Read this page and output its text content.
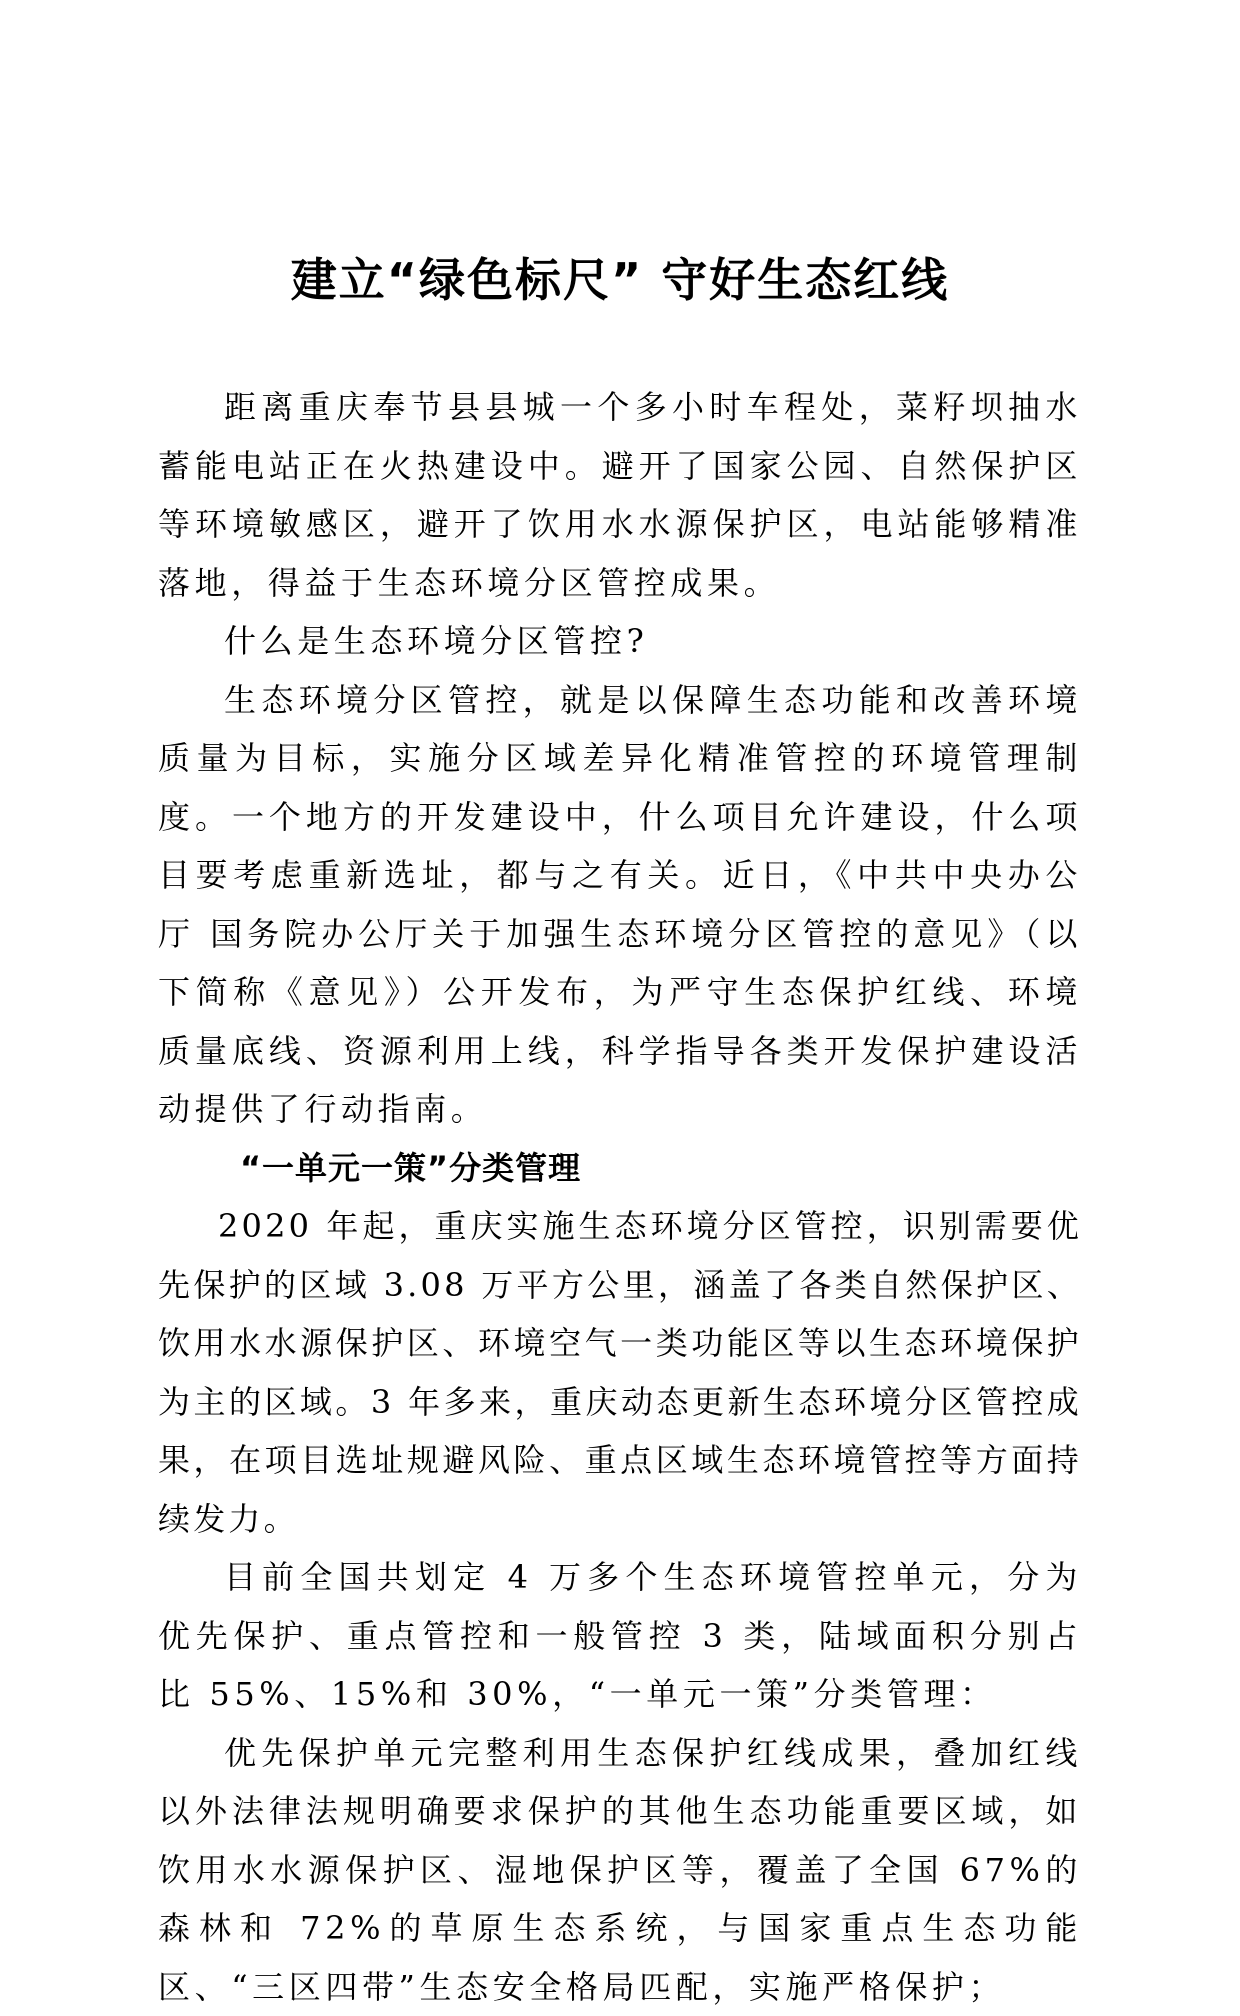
建立“绿色标尺” 守好生态红线

距离重庆奉节县县城一个多小时车程处，菜籽坝抽水蓄能电站正在火热建设中。避开了国家公园、自然保护区等环境敏感区，避开了饮用水水源保护区，电站能够精准落地，得益于生态环境分区管控成果。

什么是生态环境分区管控?

生态环境分区管控，就是以保障生态功能和改善环境质量为目标，实施分区域差异化精准管控的环境管理制度。一个地方的开发建设中，什么项目允许建设，什么项目要考虑重新选址，都与之有关。近日，《中共中央办公厅 国务院办公厅关于加强生态环境分区管控的意见》（以下简称《意见》）公开发布，为严守生态保护红线、环境质量底线、资源利用上线，科学指导各类开发保护建设活动提供了行动指南。

“一单元一策”分类管理

2020 年起，重庆实施生态环境分区管控，识别需要优先保护的区域 3.08 万平方公里，涵盖了各类自然保护区、饮用水水源保护区、环境空气一类功能区等以生态环境保护为主的区域。3 年多来，重庆动态更新生态环境分区管控成果，在项目选址规避风险、重点区域生态环境管控等方面持续发力。

目前全国共划定 4 万多个生态环境管控单元，分为优先保护、重点管控和一般管控 3 类，陆域面积分别占比 55%、15%和 30%，“一单元一策”分类管理：

优先保护单元完整利用生态保护红线成果，叠加红线以外法律法规明确要求保护的其他生态功能重要区域，如饮用水水源保护区、湿地保护区等，覆盖了全国 67%的森林和 72%的草原生态系统，与国家重点生态功能区、“三区四带”生态安全格局匹配，实施严格保护；
